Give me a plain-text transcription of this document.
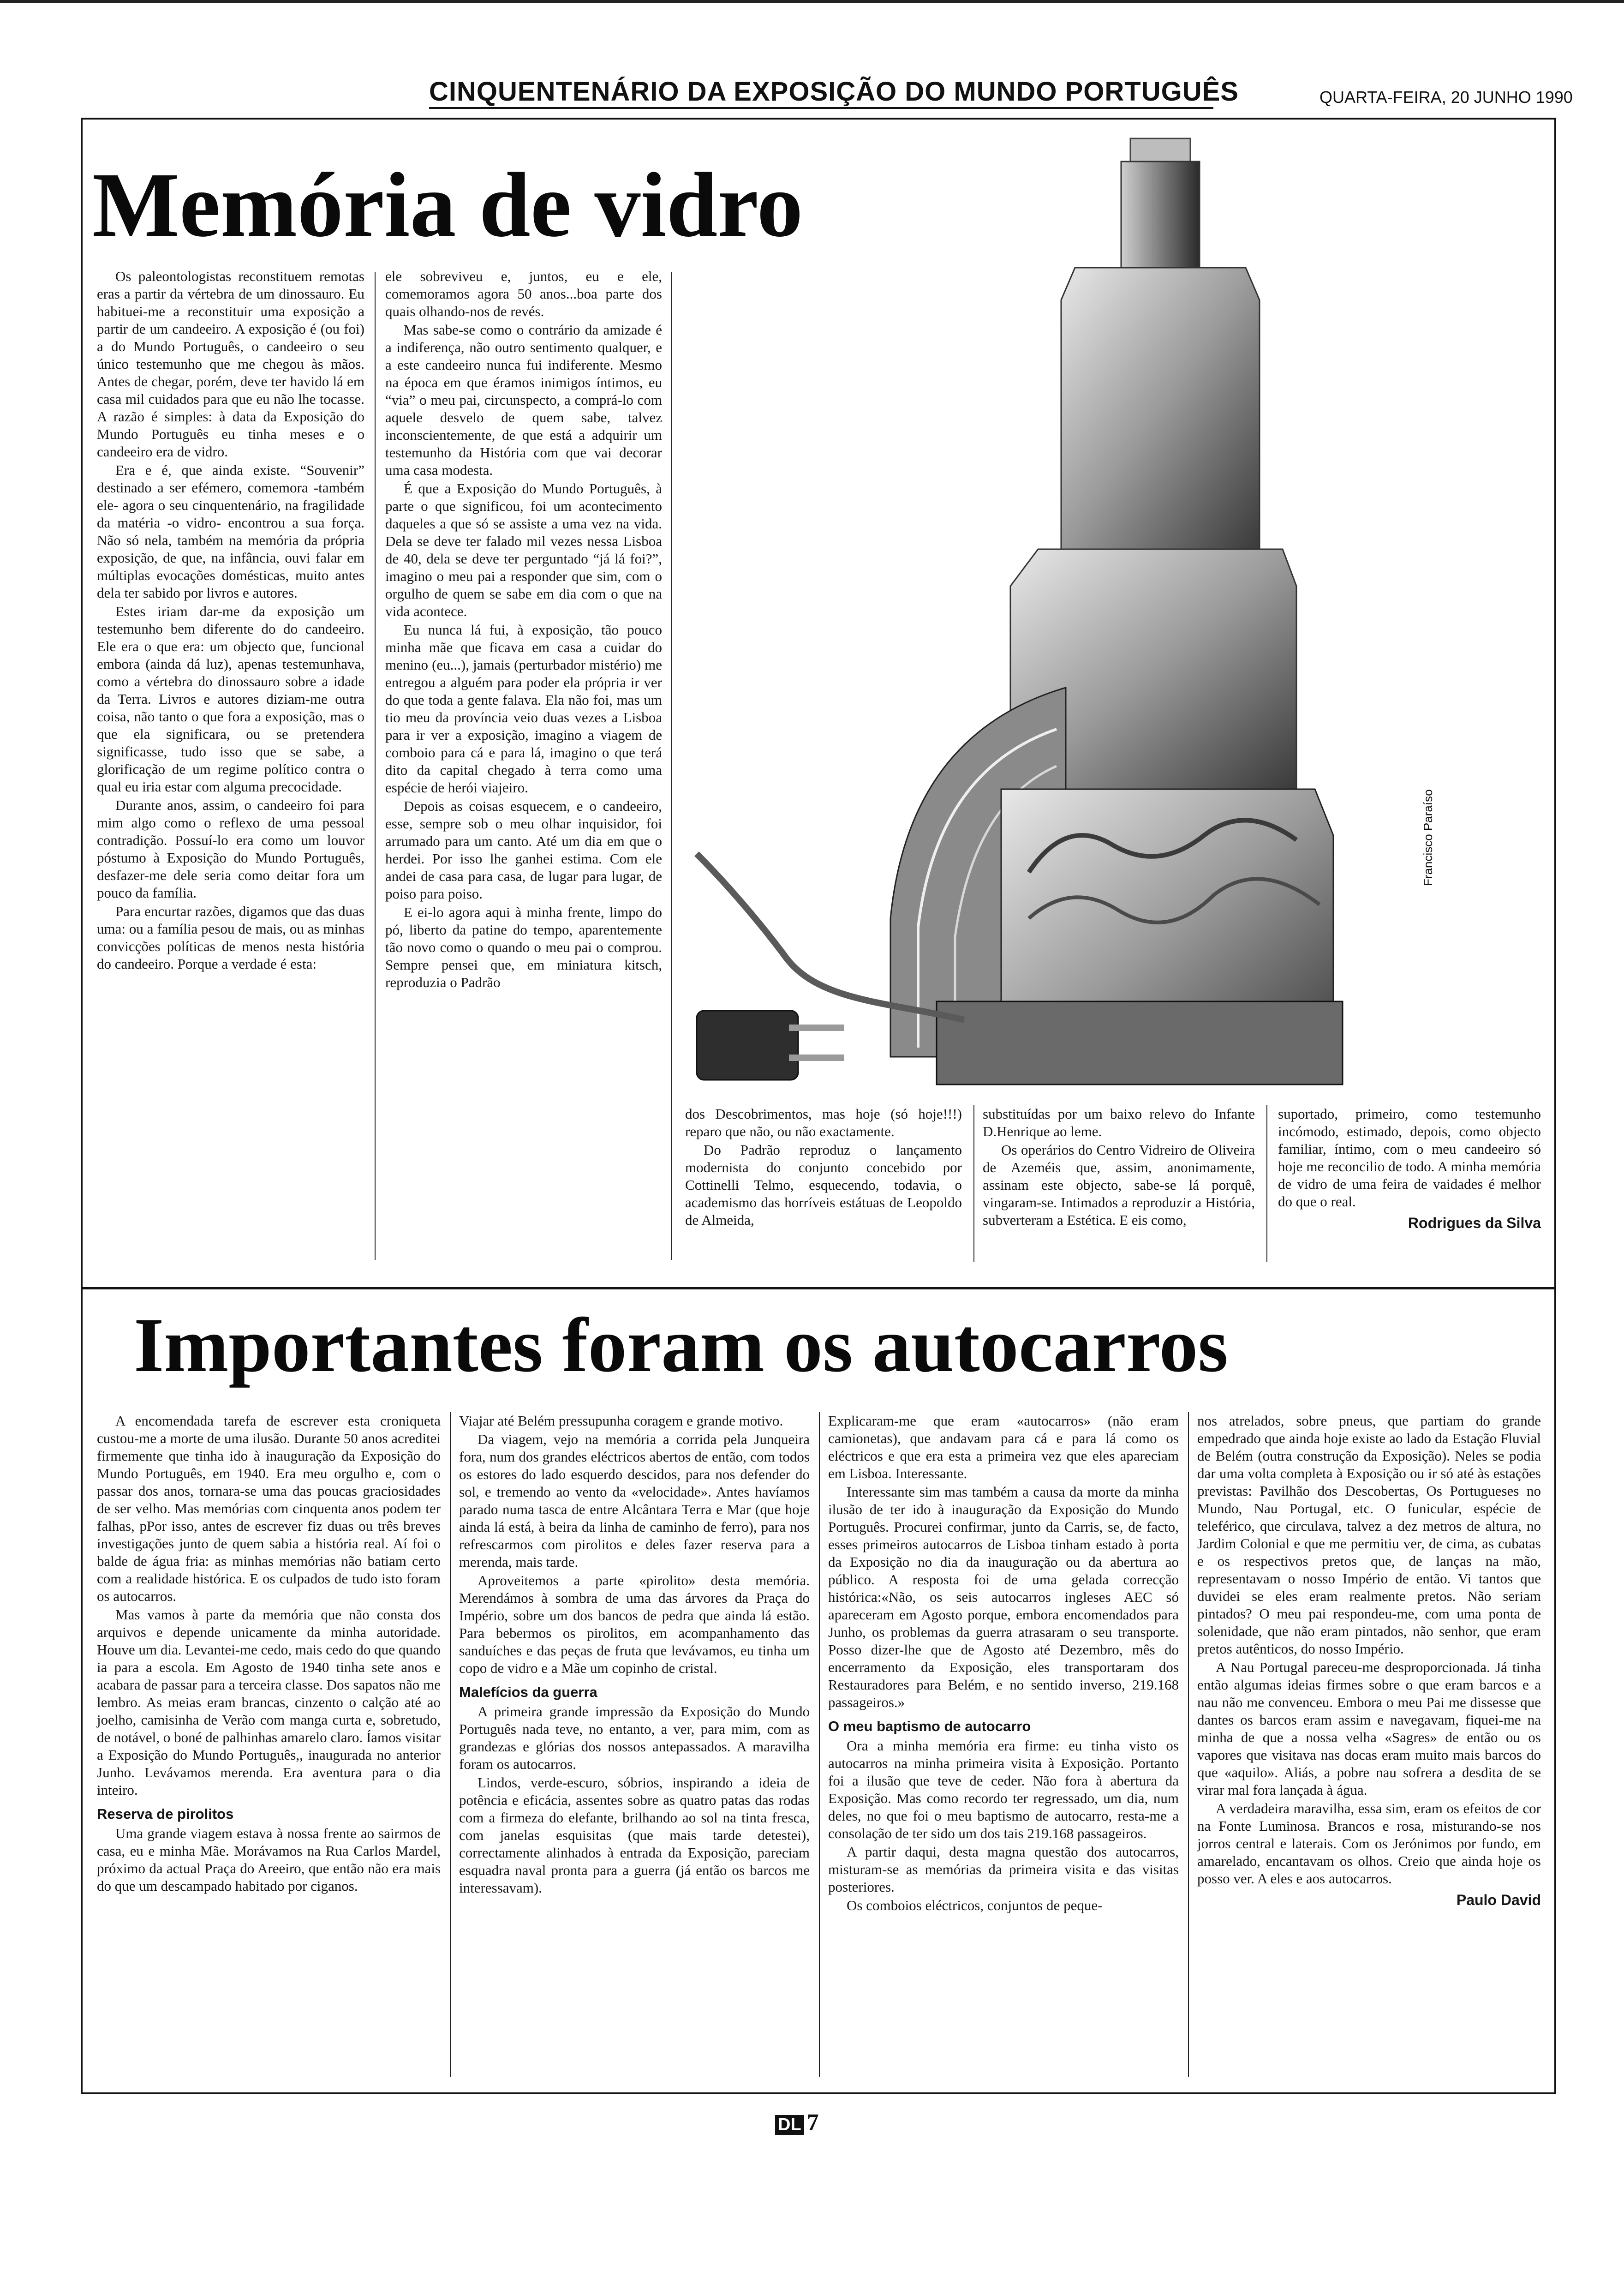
CINQUENTENÁRIO DA EXPOSIÇÃO DO MUNDO PORTUGUÊS	QUARTA-FEIRA, 20 JUNHO 1990
Memória de vidro
Francisco Paraíso

Os paleontologistas reconstituem remotas eras a partir da vértebra de um dinossauro. Eu habituei-me a reconstituir uma exposição a partir de um candeeiro. A exposição é (ou foi) a do Mundo Português, o candeeiro o seu único testemunho que me chegou às mãos. Antes de chegar, porém, deve ter havido lá em casa mil cuidados para que eu não lhe tocasse. A razão é simples: à data da Exposição do Mundo Português eu tinha meses e o candeeiro era de vidro.

Era e é, que ainda existe. “Souvenir” destinado a ser efémero, comemora -também ele- agora o seu cinquentenário, na fragilidade da matéria -o vidro- encontrou a sua força. Não só nela, também na memória da própria exposição, de que, na infância, ouvi falar em múltiplas evocações domésticas, muito antes dela ter sabido por livros e autores.

Estes iriam dar-me da exposição um testemunho bem diferente do do candeeiro. Ele era o que era: um objecto que, funcional embora (ainda dá luz), apenas testemunhava, como a vértebra do dinossauro sobre a idade da Terra. Livros e autores diziam-me outra coisa, não tanto o que fora a exposição, mas o que ela significara, ou se pretendera significasse, tudo isso que se sabe, a glorificação de um regime político contra o qual eu iria estar com alguma precocidade.

Durante anos, assim, o candeeiro foi para mim algo como o reflexo de uma pessoal contradição. Possuí-lo era como um louvor póstumo à Exposição do Mundo Português, desfazer-me dele seria como deitar fora um pouco da família.

Para encurtar razões, digamos que das duas uma: ou a família pesou de mais, ou as minhas convicções políticas de menos nesta história do candeeiro. Porque a verdade é esta:

ele sobreviveu e, juntos, eu e ele, comemoramos agora 50 anos...boa parte dos quais olhando-nos de revés.

Mas sabe-se como o contrário da amizade é a indiferença, não outro sentimento qualquer, e a este candeeiro nunca fui indiferente. Mesmo na época em que éramos inimigos íntimos, eu “via” o meu pai, circunspecto, a comprá-lo com aquele desvelo de quem sabe, talvez inconscientemente, de que está a adquirir um testemunho da História com que vai decorar uma casa modesta.

É que a Exposição do Mundo Português, à parte o que significou, foi um acontecimento daqueles a que só se assiste a uma vez na vida. Dela se deve ter falado mil vezes nessa Lisboa de 40, dela se deve ter perguntado “já lá foi?”, imagino o meu pai a responder que sim, com o orgulho de quem se sabe em dia com o que na vida acontece.

Eu nunca lá fui, à exposição, tão pouco minha mãe que ficava em casa a cuidar do menino (eu...), jamais (perturbador mistério) me entregou a alguém para poder ela própria ir ver do que toda a gente falava. Ela não foi, mas um tio meu da província veio duas vezes a Lisboa para ir ver a exposição, imagino a viagem de comboio para cá e para lá, imagino o que terá dito da capital chegado à terra como uma espécie de herói viajeiro.

Depois as coisas esquecem, e o candeeiro, esse, sempre sob o meu olhar inquisidor, foi arrumado para um canto. Até um dia em que o herdei. Por isso lhe ganhei estima. Com ele andei de casa para casa, de lugar para lugar, de poiso para poiso.

E ei-lo agora aqui à minha frente, limpo do pó, liberto da patine do tempo, aparentemente tão novo como o quando o meu pai o comprou. Sempre pensei que, em miniatura kitsch, reproduzia o Padrão

dos Descobrimentos, mas hoje (só hoje!!!) reparo que não, ou não exactamente.

Do Padrão reproduz o lançamento modernista do conjunto concebido por Cottinelli Telmo, esquecendo, todavia, o academismo das horríveis estátuas de Leopoldo de Almeida,

substituídas por um baixo relevo do Infante D.Henrique ao leme.

Os operários do Centro Vidreiro de Oliveira de Azeméis que, assim, anonimamente, assinam este objecto, sabe-se lá porquê, vingaram-se. Intimados a reproduzir a História, subverteram a Estética. E eis como,

suportado, primeiro, como testemunho incómodo, estimado, depois, como objecto familiar, íntimo, com o meu candeeiro só hoje me reconcilio de todo. A minha memória de vidro de uma feira de vaidades é melhor do que o real.

Rodrigues da Silva
Importantes foram os autocarros

A encomendada tarefa de escrever esta croniqueta custou-me a morte de uma ilusão. Durante 50 anos acreditei firmemente que tinha ido à inauguração da Exposição do Mundo Português, em 1940. Era meu orgulho e, com o passar dos anos, tornara-se uma das poucas graciosidades de ser velho. Mas memórias com cinquenta anos podem ter falhas, pPor isso, antes de escrever fiz duas ou três breves investigações junto de quem sabia a história real. Aí foi o balde de água fria: as minhas memórias não batiam certo com a realidade histórica. E os culpados de tudo isto foram os autocarros.

Mas vamos à parte da memória que não consta dos arquivos e depende unicamente da minha autoridade. Houve um dia. Levantei-me cedo, mais cedo do que quando ia para a escola. Em Agosto de 1940 tinha sete anos e acabara de passar para a terceira classe. Dos sapatos não me lembro. As meias eram brancas, cinzento o calção até ao joelho, camisinha de Verão com manga curta e, sobretudo, de notável, o boné de palhinhas amarelo claro. Íamos visitar a Exposição do Mundo Português,, inaugurada no anterior Junho. Levávamos merenda. Era aventura para o dia inteiro.

Reserva de pirolitos

Uma grande viagem estava à nossa frente ao sairmos de casa, eu e minha Mãe. Morávamos na Rua Carlos Mardel, próximo da actual Praça do Areeiro, que então não era mais do que um descampado habitado por ciganos.

Viajar até Belém pressupunha coragem e grande motivo.

Da viagem, vejo na memória a corrida pela Junqueira fora, num dos grandes eléctricos abertos de então, com todos os estores do lado esquerdo descidos, para nos defender do sol, e tremendo ao vento da «velocidade». Antes havíamos parado numa tasca de entre Alcântara Terra e Mar (que hoje ainda lá está, à beira da linha de caminho de ferro), para nos refrescarmos com pirolitos e deles fazer reserva para a merenda, mais tarde.

Aproveitemos a parte «pirolito» desta memória. Merendámos à sombra de uma das árvores da Praça do Império, sobre um dos bancos de pedra que ainda lá estão. Para bebermos os pirolitos, em acompanhamento das sanduíches e das peças de fruta que levávamos, eu tinha um copo de vidro e a Mãe um copinho de cristal.

Malefícios da guerra

A primeira grande impressão da Exposição do Mundo Português nada teve, no entanto, a ver, para mim, com as grandezas e glórias dos nossos antepassados. A maravilha foram os autocarros.

Lindos, verde-escuro, sóbrios, inspirando a ideia de potência e eficácia, assentes sobre as quatro patas das rodas com a firmeza do elefante, brilhando ao sol na tinta fresca, com janelas esquisitas (que mais tarde detestei), correctamente alinhados à entrada da Exposição, pareciam esquadra naval pronta para a guerra (já então os barcos me interessavam).

Explicaram-me que eram «autocarros» (não eram camionetas), que andavam para cá e para lá como os eléctricos e que era esta a primeira vez que eles apareciam em Lisboa. Interessante.

Interessante sim mas também a causa da morte da minha ilusão de ter ido à inauguração da Exposição do Mundo Português. Procurei confirmar, junto da Carris, se, de facto, esses primeiros autocarros de Lisboa tinham estado à porta da Exposição no dia da inauguração ou da abertura ao público. A resposta foi de uma gelada correcção histórica:«Não, os seis autocarros ingleses AEC só apareceram em Agosto porque, embora encomendados para Junho, os problemas da guerra atrasaram o seu transporte. Posso dizer-lhe que de Agosto até Dezembro, mês do encerramento da Exposição, eles transportaram dos Restauradores para Belém, e no sentido inverso, 219.168 passageiros.»

O meu baptismo de autocarro

Ora a minha memória era firme: eu tinha visto os autocarros na minha primeira visita à Exposição. Portanto foi a ilusão que teve de ceder. Não fora à abertura da Exposição. Mas como recordo ter regressado, um dia, num deles, no que foi o meu baptismo de autocarro, resta-me a consolação de ter sido um dos tais 219.168 passageiros.

A partir daqui, desta magna questão dos autocarros, misturam-se as memórias da primeira visita e das visitas posteriores.

Os comboios eléctricos, conjuntos de peque-

nos atrelados, sobre pneus, que partiam do grande empedrado que ainda hoje existe ao lado da Estação Fluvial de Belém (outra construção da Exposição). Neles se podia dar uma volta completa à Exposição ou ir só até às estações previstas: Pavilhão dos Descobertas, Os Portugueses no Mundo, Nau Portugal, etc. O funicular, espécie de teleférico, que circulava, talvez a dez metros de altura, no Jardim Colonial e que me permitiu ver, de cima, as cubatas e os respectivos pretos que, de lanças na mão, representavam o nosso Império de então. Vi tantos que duvidei se eles eram realmente pretos. Não seriam pintados? O meu pai respondeu-me, com uma ponta de solenidade, que não eram pintados, não senhor, que eram pretos autênticos, do nosso Império.

A Nau Portugal pareceu-me desproporcionada. Já tinha então algumas ideias firmes sobre o que eram barcos e a nau não me convenceu. Embora o meu Pai me dissesse que dantes os barcos eram assim e navegavam, fiquei-me na minha de que a nossa velha «Sagres» de então ou os vapores que visitava nas docas eram muito mais barcos do que «aquilo». Aliás, a pobre nau sofrera a desdita de se virar mal fora lançada à água.

A verdadeira maravilha, essa sim, eram os efeitos de cor na Fonte Luminosa. Brancos e rosa, misturando-se nos jorros central e laterais. Com os Jerónimos por fundo, em amarelado, encantavam os olhos. Creio que ainda hoje os posso ver. A eles e aos autocarros.

Paulo David
DL 7
